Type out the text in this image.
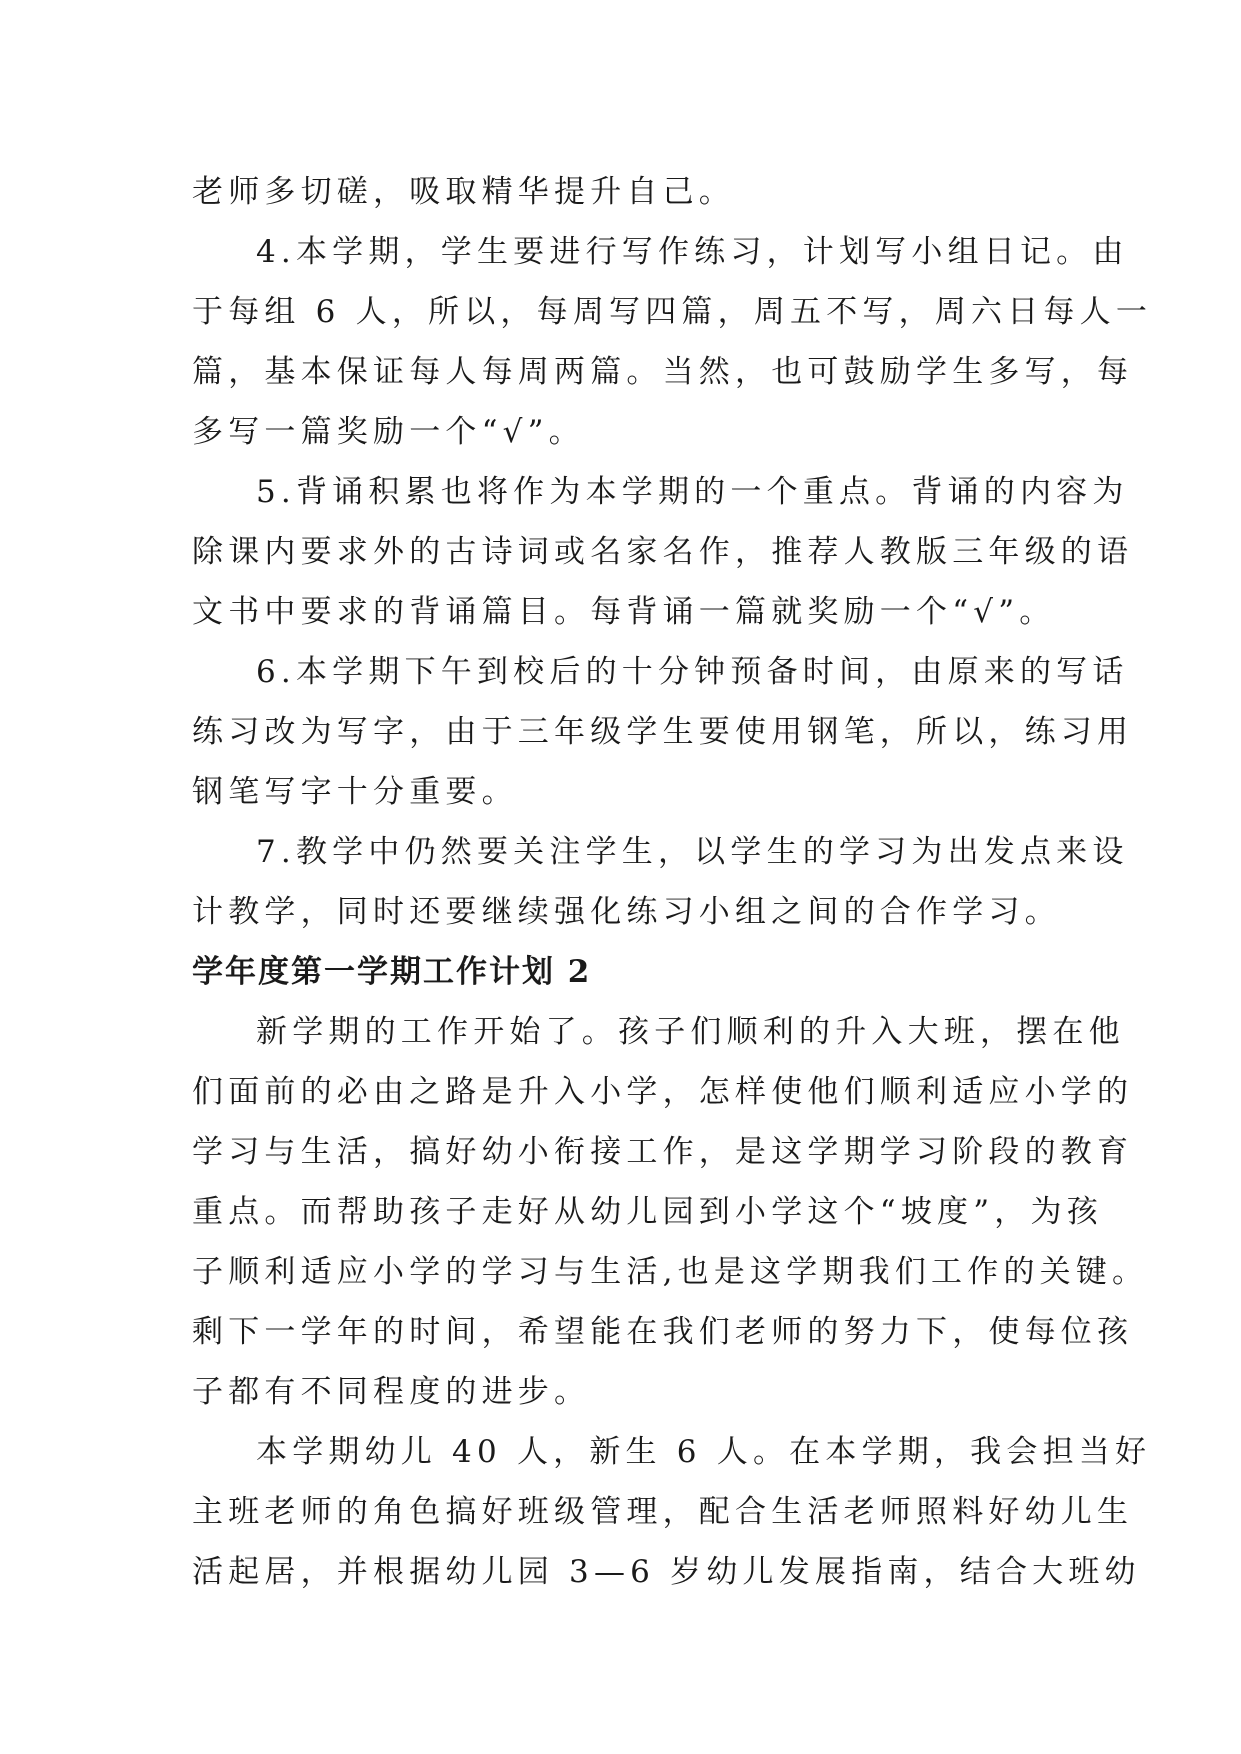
老师多切磋，吸取精华提升自己。

4.本学期，学生要进行写作练习，计划写小组日记。由

于每组 6 人，所以，每周写四篇，周五不写，周六日每人一

篇，基本保证每人每周两篇。当然，也可鼓励学生多写，每

多写一篇奖励一个“√”。

5.背诵积累也将作为本学期的一个重点。背诵的内容为

除课内要求外的古诗词或名家名作，推荐人教版三年级的语

文书中要求的背诵篇目。每背诵一篇就奖励一个“√”。

6.本学期下午到校后的十分钟预备时间，由原来的写话

练习改为写字，由于三年级学生要使用钢笔，所以，练习用

钢笔写字十分重要。

7.教学中仍然要关注学生，以学生的学习为出发点来设

计教学，同时还要继续强化练习小组之间的合作学习。

学年度第一学期工作计划 2

新学期的工作开始了。孩子们顺利的升入大班，摆在他

们面前的必由之路是升入小学，怎样使他们顺利适应小学的

学习与生活，搞好幼小衔接工作，是这学期学习阶段的教育

重点。而帮助孩子走好从幼儿园到小学这个“坡度”，为孩

子顺利适应小学的学习与生活,也是这学期我们工作的关键。

剩下一学年的时间，希望能在我们老师的努力下，使每位孩

子都有不同程度的进步。

本学期幼儿 40 人，新生 6 人。在本学期，我会担当好

主班老师的角色搞好班级管理，配合生活老师照料好幼儿生

活起居，并根据幼儿园 3—6 岁幼儿发展指南，结合大班幼
